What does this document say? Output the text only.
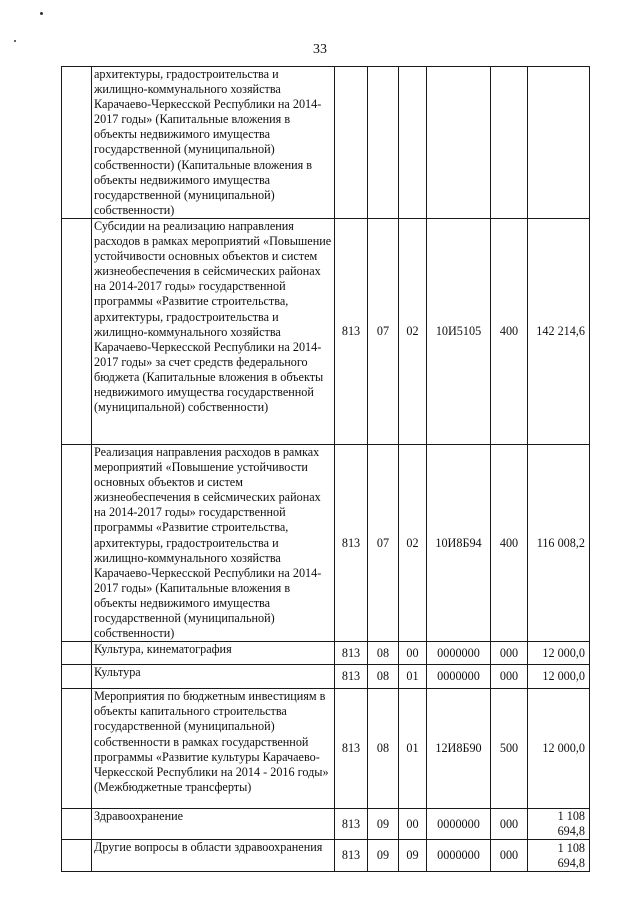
33
	архитектуры, градостроительства и жилищно-коммунального хозяйства Карачаево-Черкесской Республики на 2014-2017 годы» (Капитальные вложения в объекты недвижимого имущества государственной (муниципальной) собственности) (Капитальные вложения в объекты недвижимого имущества государственной (муниципальной) собственности)						
	Субсидии на реализацию направления расходов в рамках мероприятий «Повышение устойчивости основных объектов и систем жизнеобеспечения в сейсмических районах на 2014-2017 годы» государственной программы «Развитие строительства, архитектуры, градостроительства и жилищно-коммунального хозяйства Карачаево-Черкесской Республики на 2014-2017 годы» за счет средств федерального бюджета (Капитальные вложения в объекты недвижимого имущества государственной (муниципальной) собственности)	813	07	02	10И5105	400	142 214,6
	Реализация направления расходов в рамках мероприятий «Повышение устойчивости основных объектов и систем жизнеобеспечения в сейсмических районах на 2014-2017 годы» государственной программы «Развитие строительства, архитектуры, градостроительства и жилищно-коммунального хозяйства Карачаево-Черкесской Республики на 2014-2017 годы» (Капитальные вложения в объекты недвижимого имущества государственной (муниципальной) собственности)	813	07	02	10И8Б94	400	116 008,2
	Культура, кинематография	813	08	00	0000000	000	12 000,0
	Культура	813	08	01	0000000	000	12 000,0
	Мероприятия по бюджетным инвестициям в объекты капитального строительства государственной (муниципальной) собственности в рамках государственной программы «Развитие культуры Карачаево-Черкесской Республики на 2014 - 2016 годы» (Межбюджетные трансферты)	813	08	01	12И8Б90	500	12 000,0
	Здравоохранение	813	09	00	0000000	000	1 108 694,8
	Другие вопросы в области здравоохранения	813	09	09	0000000	000	1 108 694,8
